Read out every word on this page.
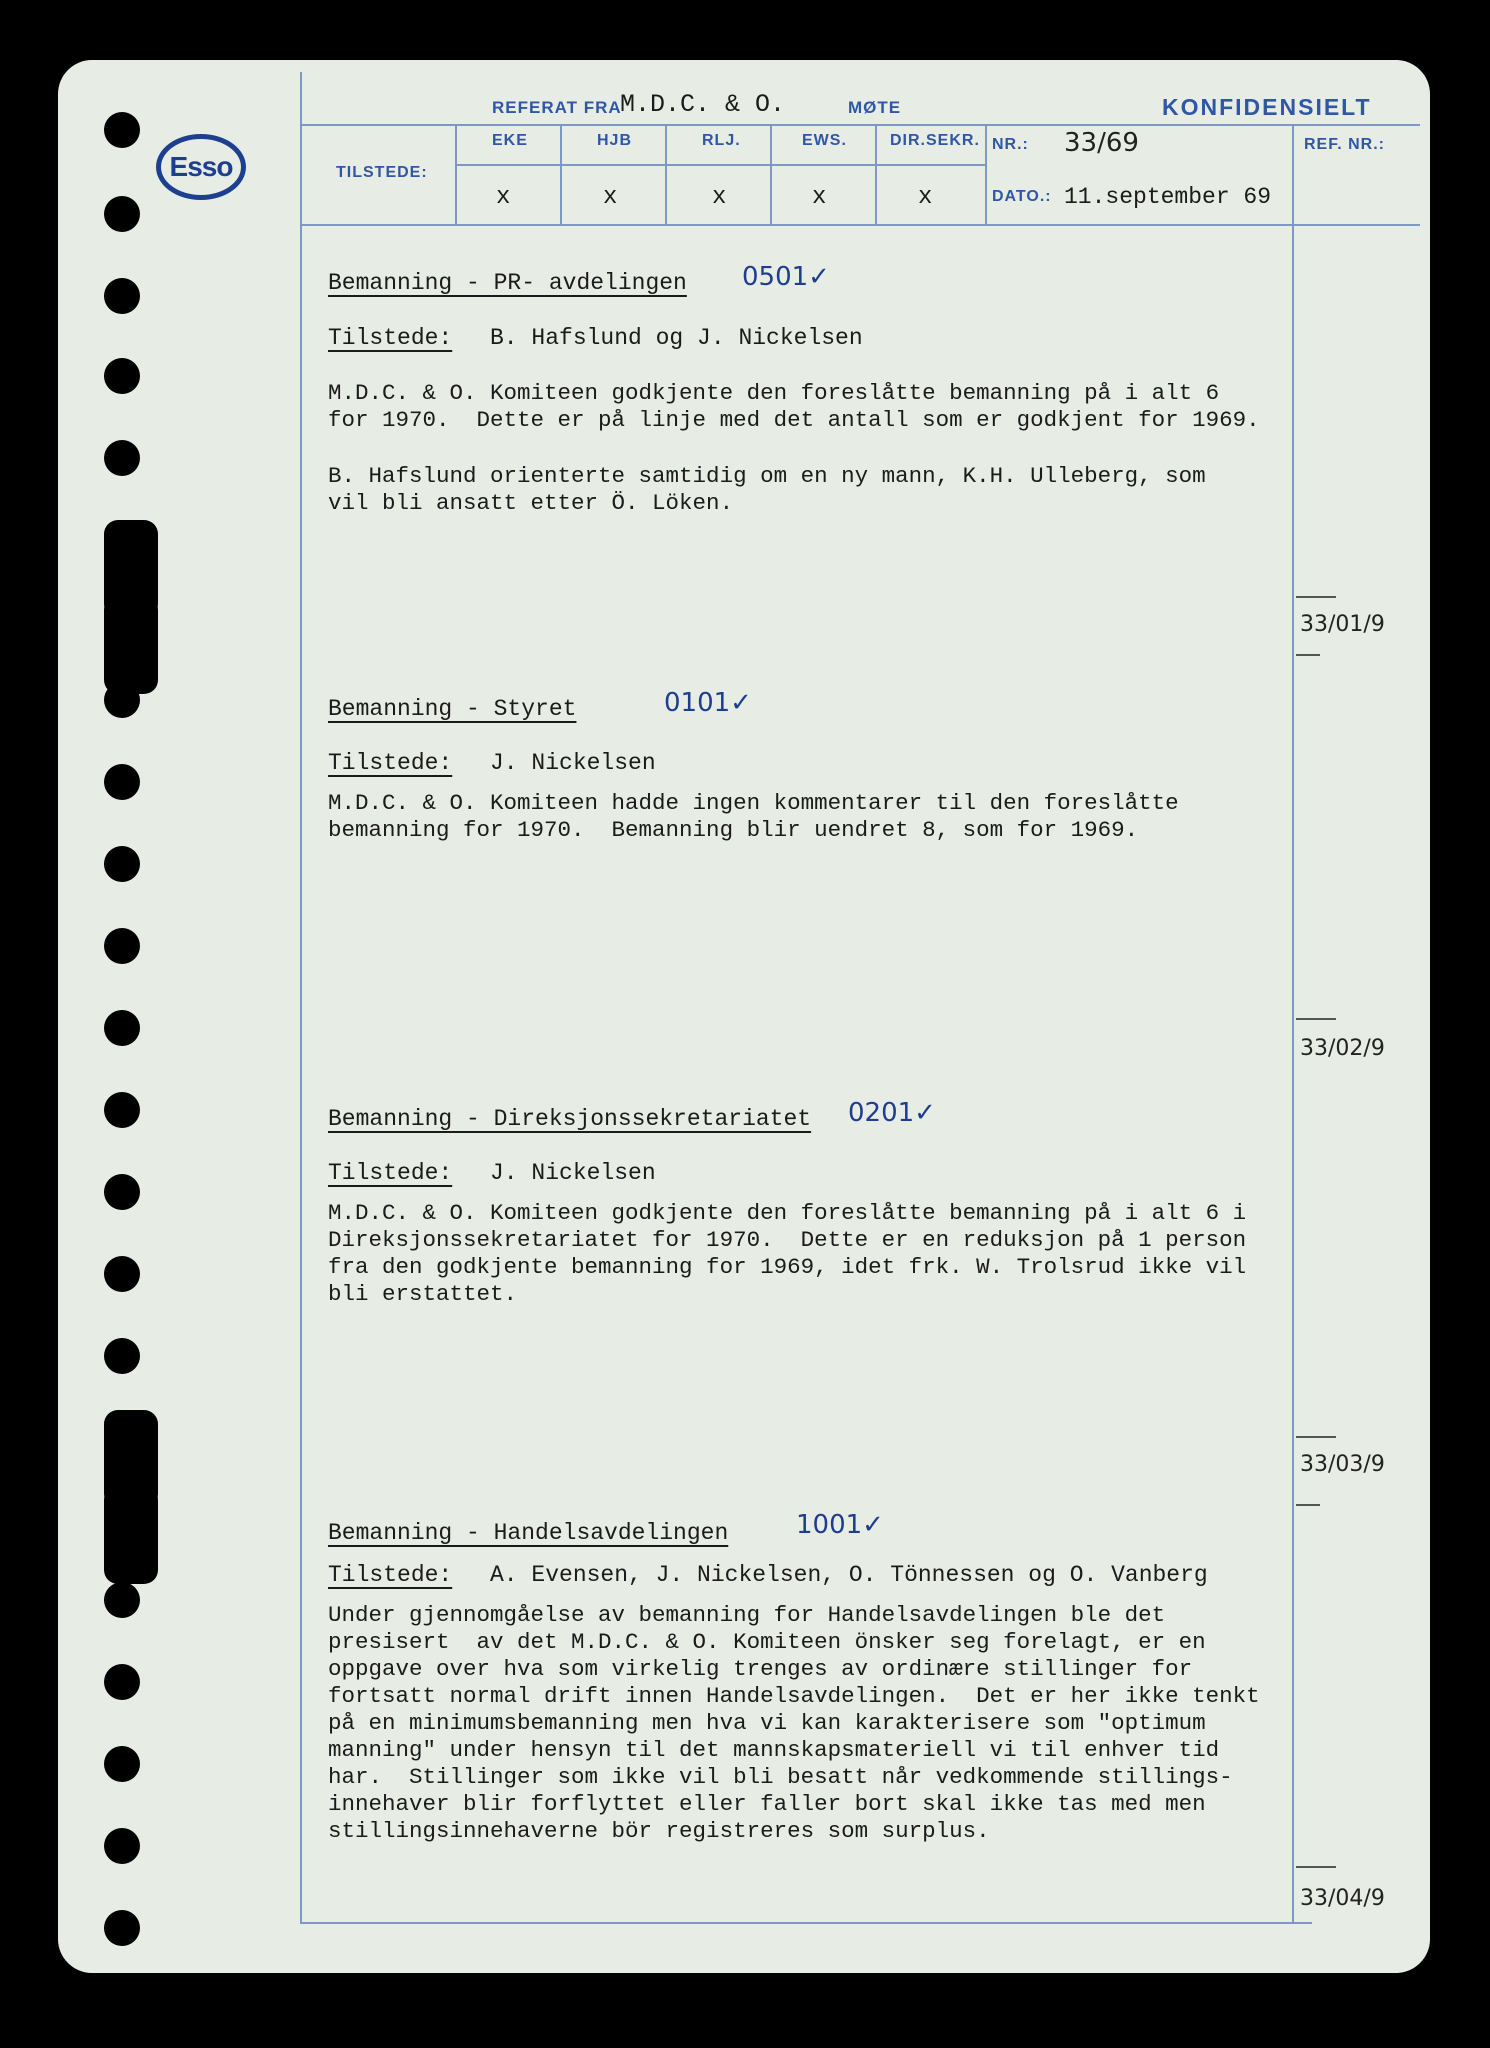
Esso
REFERAT FRA
M.D.C. & O.	MØTE	KONFIDENSIELT
TILSTEDE:
EKE	HJB	RLJ.	EWS.	DIR.SEKR.
x	x	x	x	x
NR.: 33/69
DATO.: 11.september 69
REF. NR.:
Bemanning - PR- avdelingen 0501✓
Tilstede: B. Hafslund og J. Nickelsen
M.D.C. & O. Komiteen godkjente den foreslåtte bemanning på i alt 6
for 1970.  Dette er på linje med det antall som er godkjent for 1969.
B. Hafslund orienterte samtidig om en ny mann, K.H. Ulleberg, som
vil bli ansatt etter Ö. Löken.
33/01/9
Bemanning - Styret	0101✓
Tilstede: J. Nickelsen
M.D.C. & O. Komiteen hadde ingen kommentarer til den foreslåtte
bemanning for 1970.  Bemanning blir uendret 8, som for 1969.
33/02/9
Bemanning - Direksjonssekretariatet 0201✓
Tilstede: J. Nickelsen
M.D.C. & O. Komiteen godkjente den foreslåtte bemanning på i alt 6 i
Direksjonssekretariatet for 1970.  Dette er en reduksjon på 1 person
fra den godkjente bemanning for 1969, idet frk. W. Trolsrud ikke vil
bli erstattet.
33/03/9
Bemanning - Handelsavdelingen	1001✓
Tilstede: A. Evensen, J. Nickelsen, O. Tönnessen og O. Vanberg
Under gjennomgåelse av bemanning for Handelsavdelingen ble det
presisert  av det M.D.C. & O. Komiteen önsker seg forelagt, er en
oppgave over hva som virkelig trenges av ordinære stillinger for
fortsatt normal drift innen Handelsavdelingen.  Det er her ikke tenkt
på en minimumsbemanning men hva vi kan karakterisere som "optimum
manning" under hensyn til det mannskapsmateriell vi til enhver tid
har.  Stillinger som ikke vil bli besatt når vedkommende stillings-
innehaver blir forflyttet eller faller bort skal ikke tas med men
stillingsinnehaverne bör registreres som surplus.
33/04/9
